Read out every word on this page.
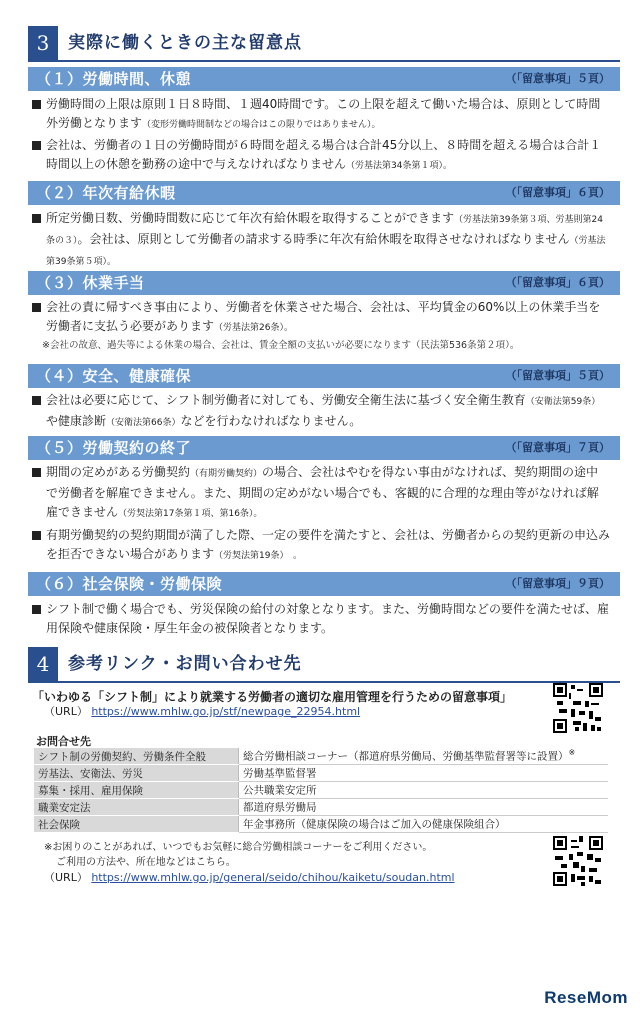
3	実際に働くときの主な留意点
（１）労働時間、休憩	（「留意事項」５頁）
労働時間の上限は原則１日８時間、１週40時間です。この上限を超えて働いた場合は、原則として時間外労働となります（変形労働時間制などの場合はこの限りではありません）。
会社は、労働者の１日の労働時間が６時間を超える場合は合計45分以上、８時間を超える場合は合計１時間以上の休憩を勤務の途中で与えなければなりません（労基法第34条第１項）。
（２）年次有給休暇	（「留意事項」６頁）
所定労働日数、労働時間数に応じて年次有給休暇を取得することができます（労基法第39条第３項、労基則第24条の３）。会社は、原則として労働者の請求する時季に年次有給休暇を取得させなければなりません（労基法第39条第５項）。
（３）休業手当	（「留意事項」６頁）
会社の責に帰すべき事由により、労働者を休業させた場合、会社は、平均賃金の60%以上の休業手当を労働者に支払う必要があります（労基法第26条）。
※会社の故意、過失等による休業の場合、会社は、賃金全額の支払いが必要になります（民法第536条第２項）。
（４）安全、健康確保	（「留意事項」５頁）
会社は必要に応じて、シフト制労働者に対しても、労働安全衛生法に基づく安全衛生教育（安衛法第59条）や健康診断（安衛法第66条）などを行わなければなりません。
（５）労働契約の終了	（「留意事項」７頁）
期間の定めがある労働契約（有期労働契約）の場合、会社はやむを得ない事由がなければ、契約期間の途中で労働者を解雇できません。また、期間の定めがない場合でも、客観的に合理的な理由等がなければ解雇できません（労契法第17条第１項、第16条）。
有期労働契約の契約期間が満了した際、一定の要件を満たすと、会社は、労働者からの契約更新の申込みを拒否できない場合があります（労契法第19条）　。
（６）社会保険・労働保険	（「留意事項」９頁）
シフト制で働く場合でも、労災保険の給付の対象となります。また、労働時間などの要件を満たせば、雇用保険や健康保険・厚生年金の被保険者となります。
4	参考リンク・お問い合わせ先
「いわゆる「シフト制」により就業する労働者の適切な雇用管理を行うための留意事項」
（URL） https://www.mhlw.go.jp/stf/newpage_22954.html
お問合せ先
シフト制の労働契約、労働条件全般	総合労働相談コーナー（都道府県労働局、労働基準監督署等に設置）※
労基法、安衛法、労災	労働基準監督署
募集・採用、雇用保険	公共職業安定所
職業安定法	都道府県労働局
社会保険	年金事務所（健康保険の場合はご加入の健康保険組合）
※お困りのことがあれば、いつでもお気軽に総合労働相談コーナーをご利用ください。
ご利用の方法や、所在地などはこちら。
（URL） https://www.mhlw.go.jp/general/seido/chihou/kaiketu/soudan.html
ReseMom
